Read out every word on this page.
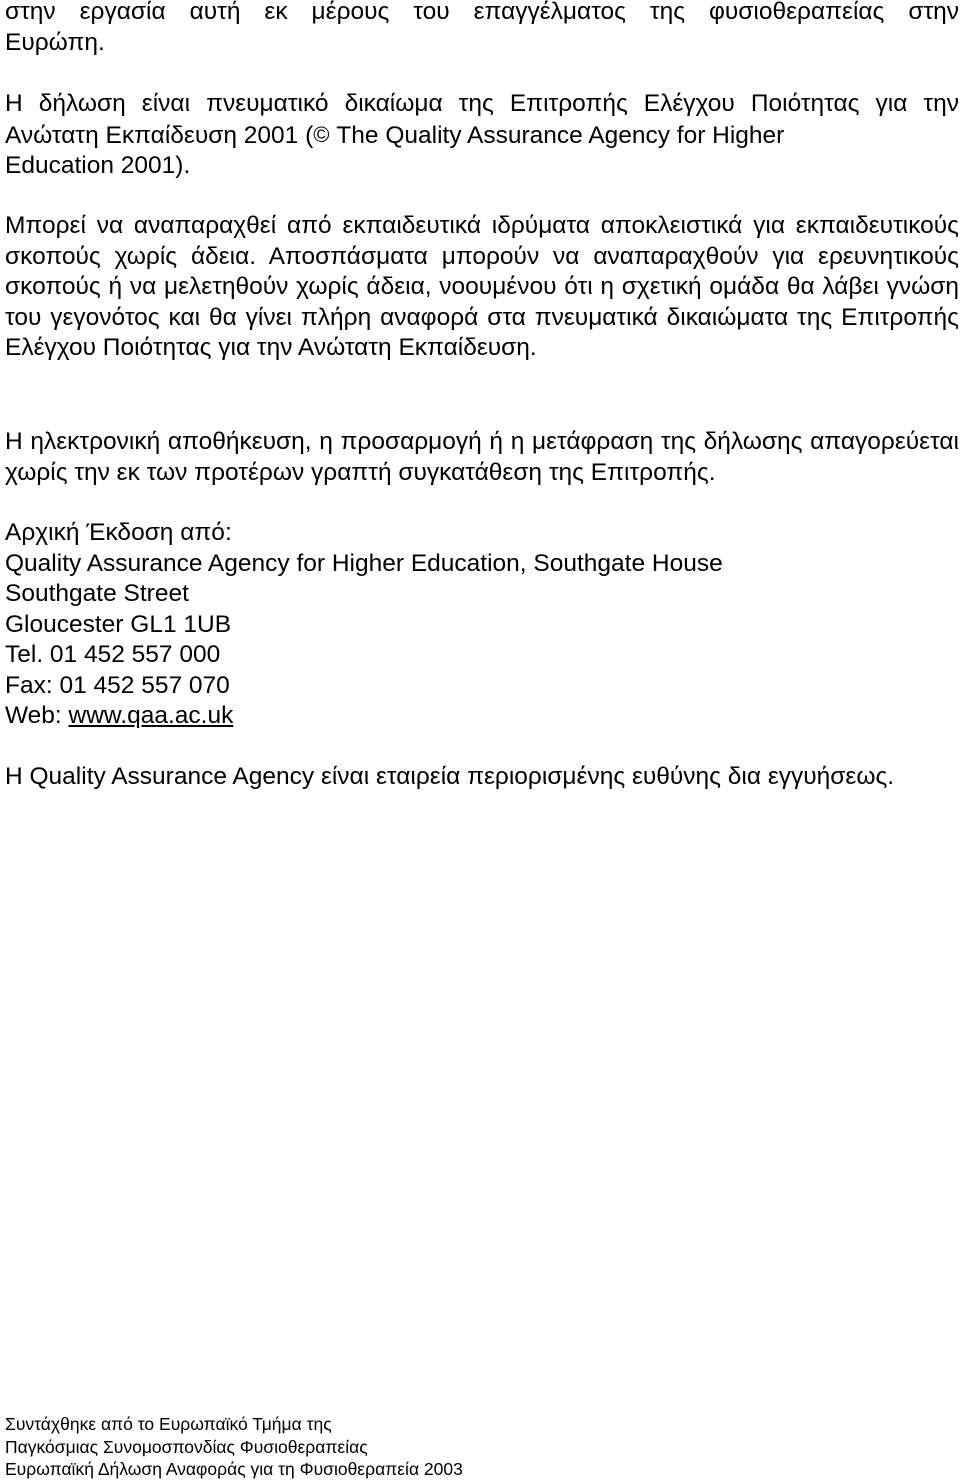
στην εργασία αυτή εκ μέρους του επαγγέλματος της φυσιοθεραπείας στην
Ευρώπη.
Η δήλωση είναι πνευματικό δικαίωμα της Επιτροπής Ελέγχου Ποιότητας για την
Ανώτατη Εκπαίδευση 2001 (© The Quality Assurance Agency for Higher
Education 2001).

Μπορεί να αναπαραχθεί από εκπαιδευτικά ιδρύματα αποκλειστικά για εκπαιδευτικούς σκοπούς χωρίς άδεια. Αποσπάσματα μπορούν να αναπαραχθούν για ερευνητικούς σκοπούς ή να μελετηθούν χωρίς άδεια, νοουμένου ότι η σχετική ομάδα θα λάβει γνώση του γεγονότος και θα γίνει πλήρη αναφορά στα πνευματικά δικαιώματα της Επιτροπής Ελέγχου Ποιότητας για την Ανώτατη Εκπαίδευση.

Η ηλεκτρονική αποθήκευση, η προσαρμογή ή η μετάφραση της δήλωσης απαγορεύεται χωρίς την εκ των προτέρων γραπτή συγκατάθεση της Επιτροπής.

Αρχική Έκδοση από:
Quality Assurance Agency for Higher Education, Southgate House
Southgate Street
Gloucester GL1 1UB
Tel. 01 452 557 000
Fax: 01 452 557 070
Web: www.qaa.ac.uk

Η Quality Assurance Agency είναι εταιρεία περιορισμένης ευθύνης δια εγγυήσεως.

Συντάχθηκε από το Ευρωπαϊκό Τμήμα της
Παγκόσμιας Συνομοσπονδίας Φυσιοθεραπείας
Ευρωπαϊκή Δήλωση Αναφοράς για τη Φυσιοθεραπεία 2003
